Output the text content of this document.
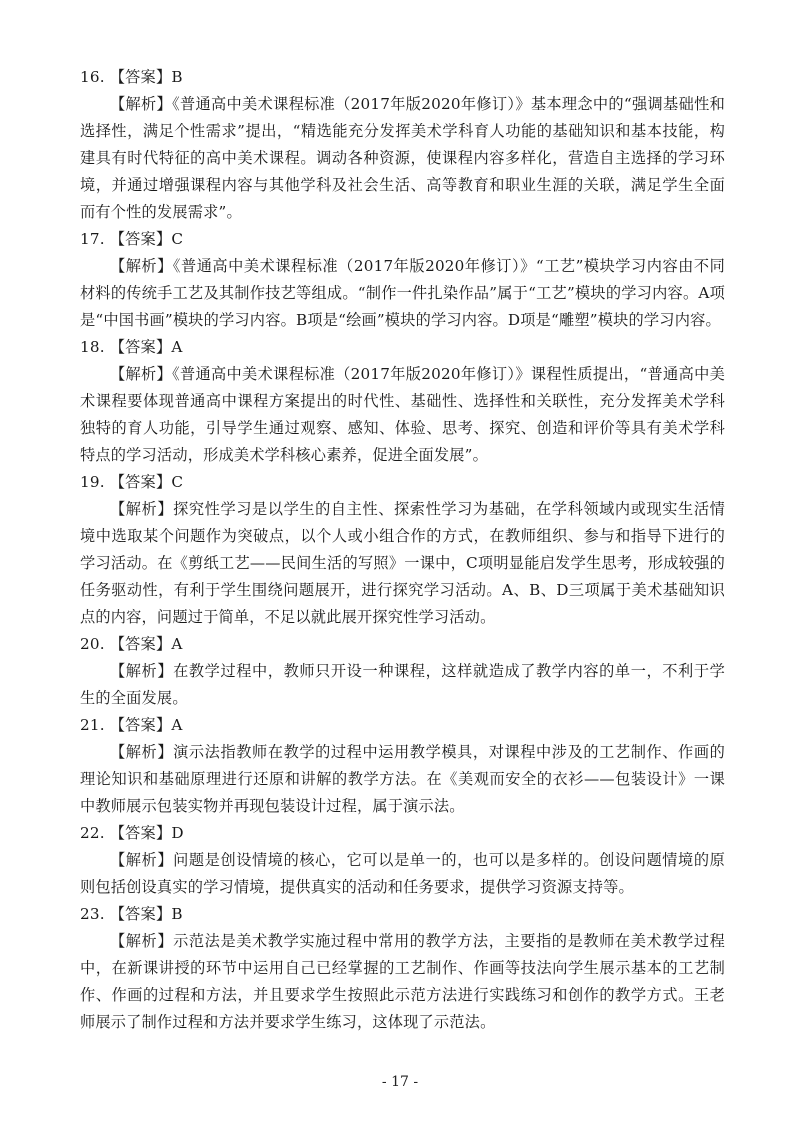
16. 【答案】B

【解析】《普通高中美术课程标准（2017年版2020年修订）》基本理念中的“强调基础性和选择性，满足个性需求”提出，“精选能充分发挥美术学科育人功能的基础知识和基本技能，构建具有时代特征的高中美术课程。调动各种资源，使课程内容多样化，营造自主选择的学习环境，并通过增强课程内容与其他学科及社会生活、高等教育和职业生涯的关联，满足学生全面而有个性的发展需求”。

17. 【答案】C

【解析】《普通高中美术课程标准（2017年版2020年修订）》“工艺”模块学习内容由不同材料的传统手工艺及其制作技艺等组成。“制作一件扎染作品”属于“工艺”模块的学习内容。A项是“中国书画”模块的学习内容。B项是“绘画”模块的学习内容。D项是“雕塑”模块的学习内容。

18. 【答案】A

【解析】《普通高中美术课程标准（2017年版2020年修订）》课程性质提出，“普通高中美术课程要体现普通高中课程方案提出的时代性、基础性、选择性和关联性，充分发挥美术学科独特的育人功能，引导学生通过观察、感知、体验、思考、探究、创造和评价等具有美术学科特点的学习活动，形成美术学科核心素养，促进全面发展”。

19. 【答案】C

【解析】探究性学习是以学生的自主性、探索性学习为基础，在学科领域内或现实生活情境中选取某个问题作为突破点，以个人或小组合作的方式，在教师组织、参与和指导下进行的学习活动。在《剪纸工艺——民间生活的写照》一课中，C项明显能启发学生思考，形成较强的任务驱动性，有利于学生围绕问题展开，进行探究学习活动。A、B、D三项属于美术基础知识点的内容，问题过于简单，不足以就此展开探究性学习活动。

20. 【答案】A

【解析】在教学过程中，教师只开设一种课程，这样就造成了教学内容的单一，不利于学生的全面发展。

21. 【答案】A

【解析】演示法指教师在教学的过程中运用教学模具，对课程中涉及的工艺制作、作画的理论知识和基础原理进行还原和讲解的教学方法。在《美观而安全的衣衫——包装设计》一课中教师展示包装实物并再现包装设计过程，属于演示法。

22. 【答案】D

【解析】问题是创设情境的核心，它可以是单一的，也可以是多样的。创设问题情境的原则包括创设真实的学习情境，提供真实的活动和任务要求，提供学习资源支持等。

23. 【答案】B

【解析】示范法是美术教学实施过程中常用的教学方法，主要指的是教师在美术教学过程中，在新课讲授的环节中运用自己已经掌握的工艺制作、作画等技法向学生展示基本的工艺制作、作画的过程和方法，并且要求学生按照此示范方法进行实践练习和创作的教学方式。王老师展示了制作过程和方法并要求学生练习，这体现了示范法。

- 17 -
